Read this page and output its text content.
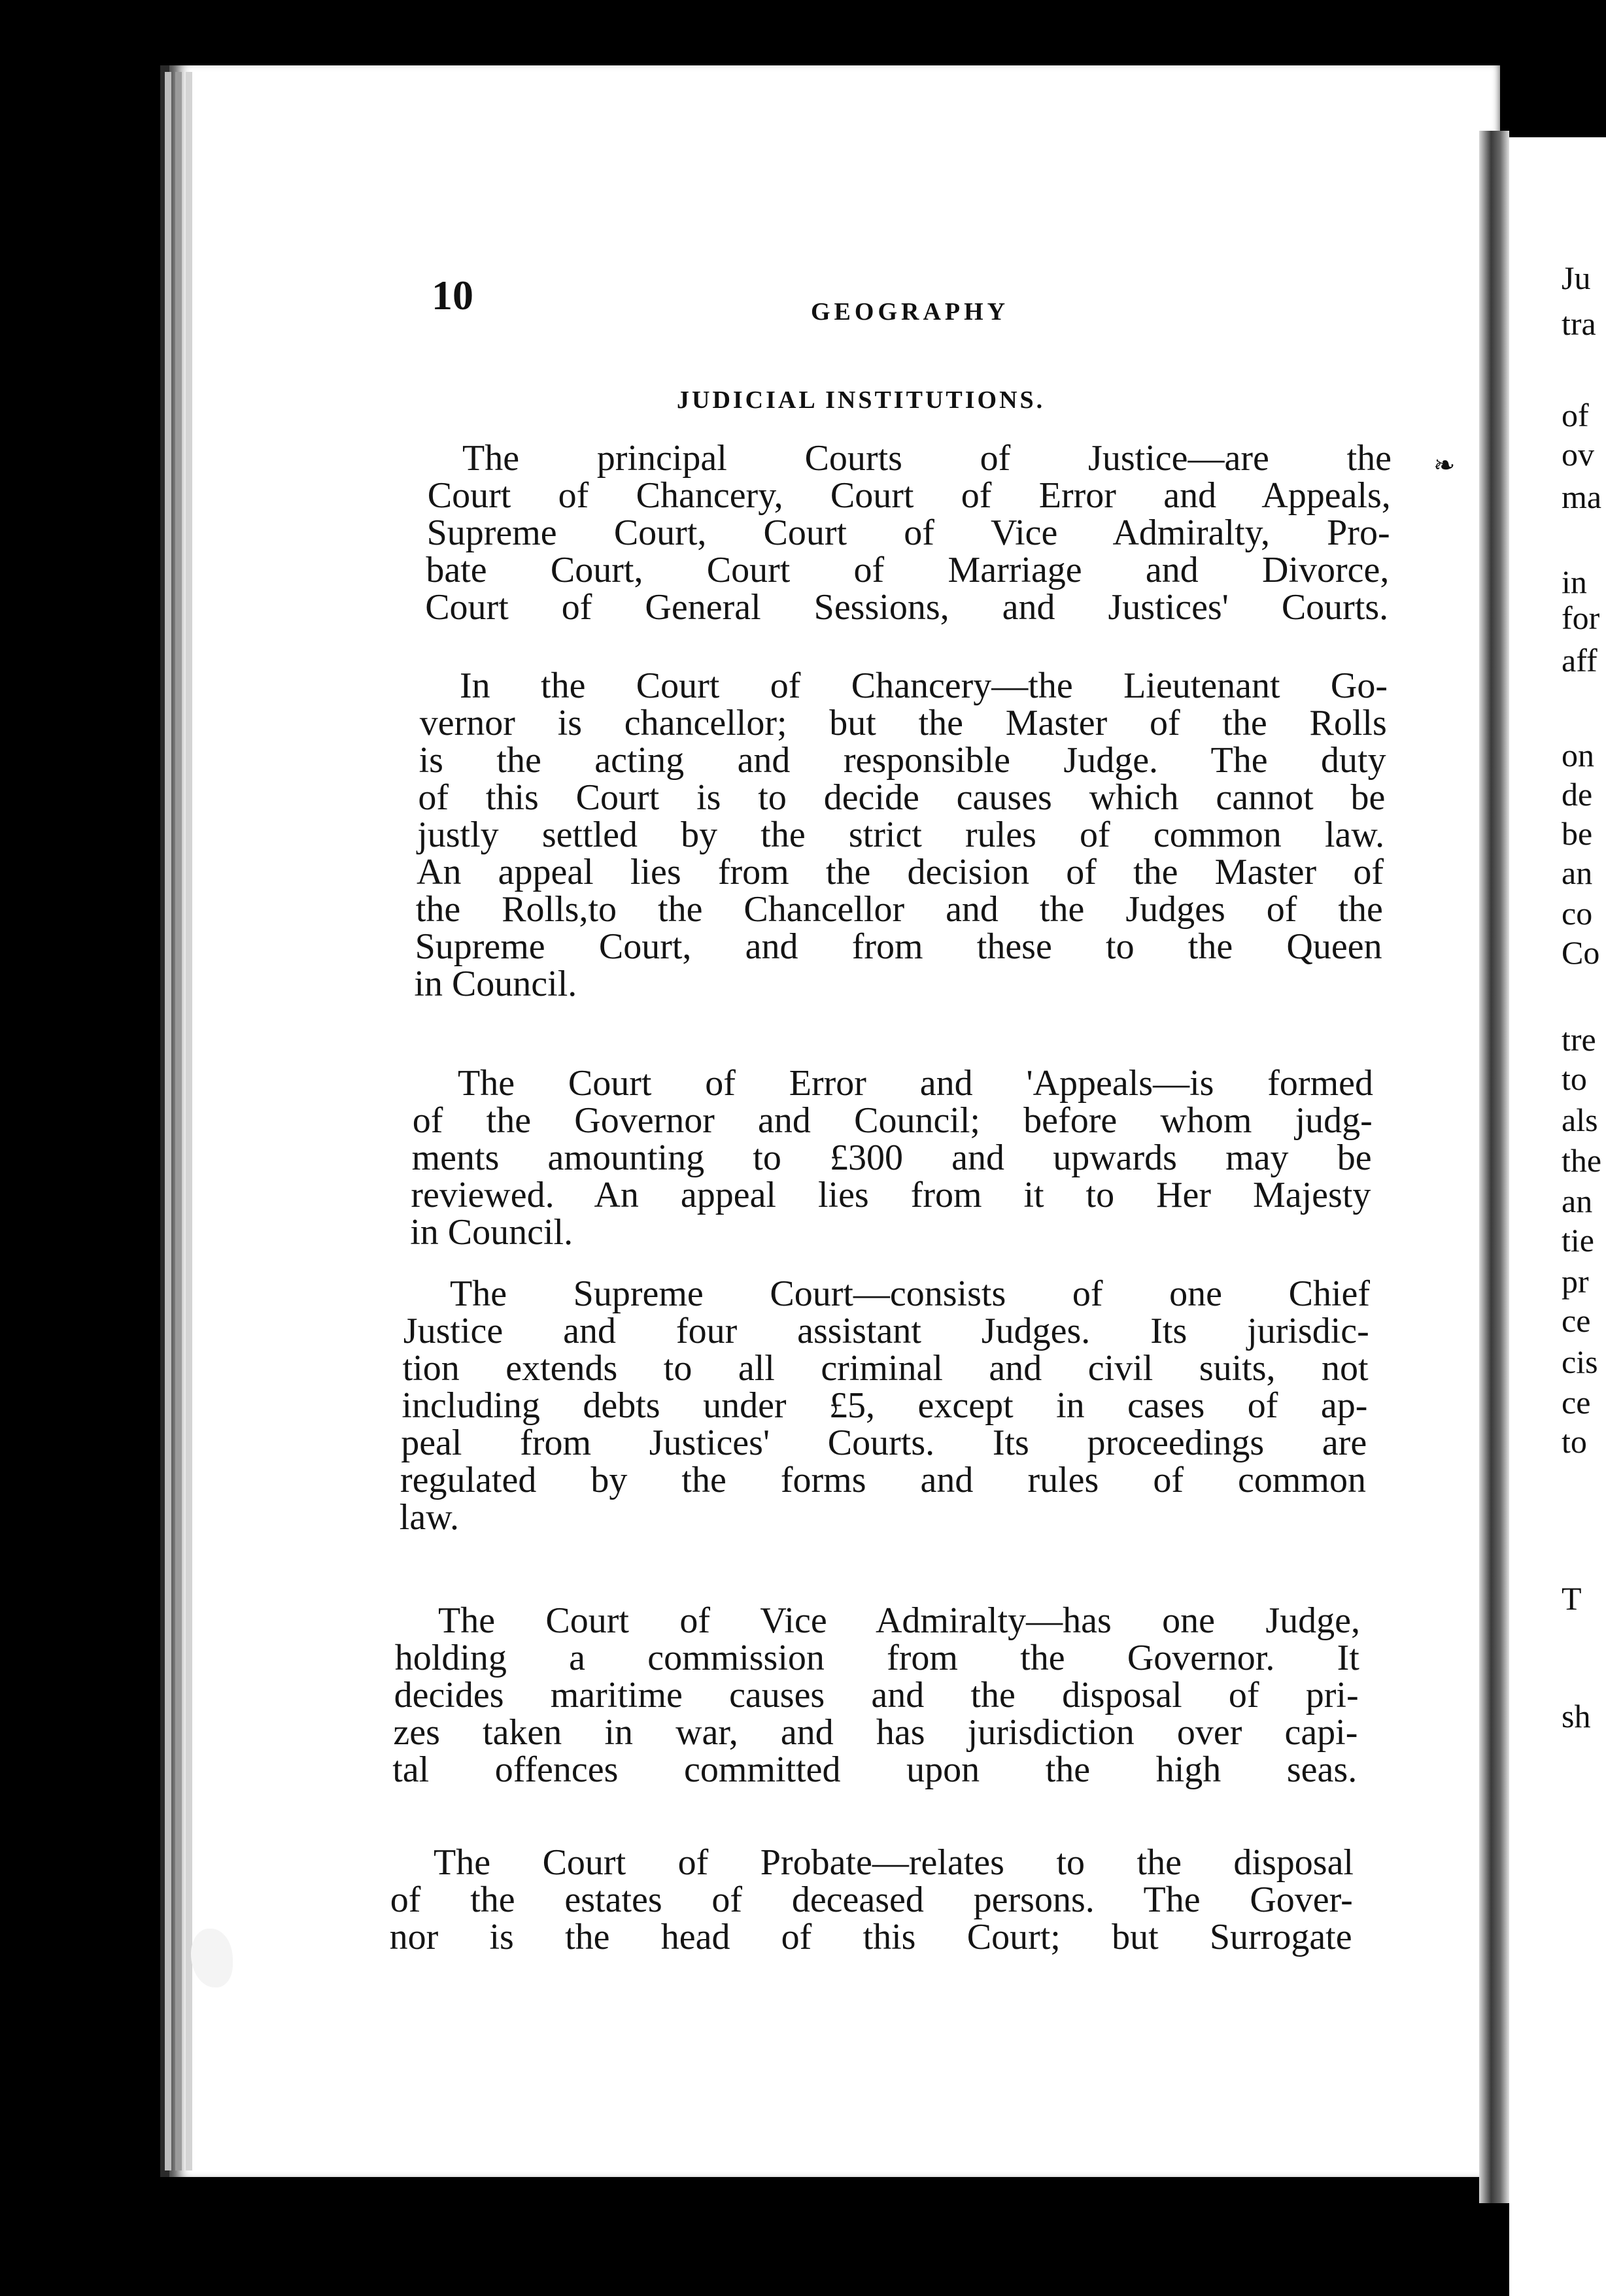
Ju
tra
of
ov
ma
in
for
aff
on
de
be
an
co
Co
tre
to
als
the
an
tie
pr
ce
cis
ce
to
T
sh
10	GEOGRAPHY
JUDICIAL INSTITUTIONS.
The principal Courts of Justice—are the
Court of Chancery, Court of Error and Appeals,
Supreme Court, Court of Vice Admiralty, Pro-
bate Court, Court of Marriage and Divorce,
Court of General Sessions, and Justices' Courts.
In the Court of Chancery—the Lieutenant Go-
vernor is chancellor; but the Master of the Rolls
is the acting and responsible Judge. The duty
of this Court is to decide causes which cannot be
justly settled by the strict rules of common law.
An appeal lies from the decision of the Master of
the Rolls,to the Chancellor and the Judges of the
Supreme Court, and from these to the Queen
in Council.
The Court of Error and 'Appeals—is formed
of the Governor and Council; before whom judg-
ments amounting to £300 and upwards may be
reviewed. An appeal lies from it to Her Majesty
in Council.
The Supreme Court—consists of one Chief
Justice and four assistant Judges. Its jurisdic-
tion extends to all criminal and civil suits, not
including debts under £5, except in cases of ap-
peal from Justices' Courts. Its proceedings are
regulated by the forms and rules of common
law.
The Court of Vice Admiralty—has one Judge,
holding a commission from the Governor. It
decides maritime causes and the disposal of pri-
zes taken in war, and has jurisdiction over capi-
tal offences committed upon the high seas.
The Court of Probate—relates to the disposal
of the estates of deceased persons. The Gover-
nor is the head of this Court; but Surrogate
❧
